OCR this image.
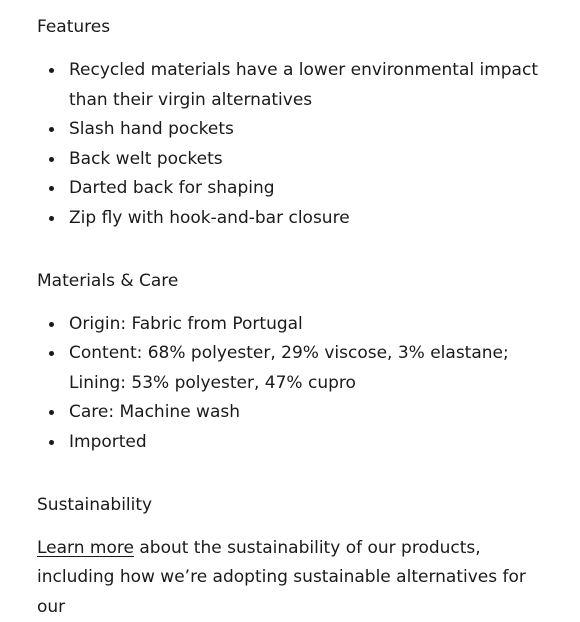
Features
Recycled materials have a lower environmental impact than their virgin alternatives
Slash hand pockets
Back welt pockets
Darted back for shaping
Zip fly with hook-and-bar closure
Materials & Care
Origin: Fabric from Portugal
Content: 68% polyester, 29% viscose, 3% elastane; Lining: 53% polyester, 47% cupro
Care: Machine wash
Imported
Sustainability

Learn more about the sustainability of our products, including how we’re adopting sustainable alternatives for our
